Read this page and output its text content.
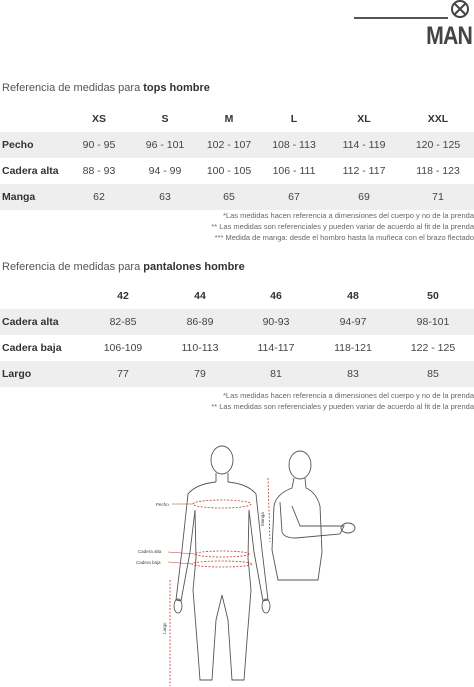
MAN
Referencia de medidas para tops hombre
	XS	S	M	L	XL	XXL
Pecho	90 - 95	96 - 101	102 - 107	108 - 113	114 - 119	120 - 125
Cadera alta	88 - 93	94 - 99	100 - 105	106 - 111	112 - 117	118 - 123
Manga	62	63	65	67	69	71
*Las medidas hacen referencia a dimensiones del cuerpo y no de la prenda
** Las medidas son referenciales y pueden variar de acuerdo al fit de la prenda
*** Medida de manga: desde el hombro hasta la muñeca con el brazo flectado
Referencia de medidas para pantalones hombre
	42	44	46	48	50
Cadera alta	82-85	86-89	90-93	94-97	98-101
Cadera baja	106-109	110-113	114-117	118-121	122 - 125
Largo	77	79	81	83	85
*Las medidas hacen referencia a dimensiones del cuerpo y no de la prenda
** Las medidas son referenciales y pueden variar de acuerdo al fit de la prenda
Pecho
Cadera alta
Cadera baja
Largo
Manga
